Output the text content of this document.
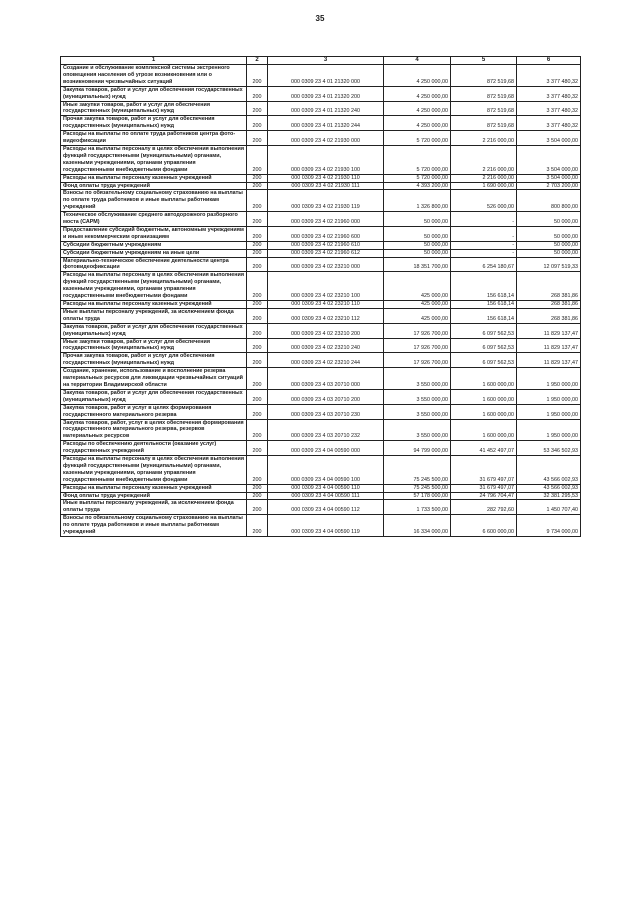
35
1	2	3	4	5	6
Создание и обслуживание комплексной системы экстренного оповещения населения об угрозе возникновения или о возникновении чрезвычайных ситуаций	200	000 0309 23 4 01 21320 000	4 250 000,00	872 519,68	3 377 480,32
Закупка товаров, работ и услуг для обеспечения государственных (муниципальных) нужд	200	000 0309 23 4 01 21320 200	4 250 000,00	872 519,68	3 377 480,32
Иные закупки товаров, работ и услуг для обеспечения государственных (муниципальных) нужд	200	000 0309 23 4 01 21320 240	4 250 000,00	872 519,68	3 377 480,32
Прочая закупка товаров, работ и услуг для обеспечения государственных (муниципальных) нужд	200	000 0309 23 4 01 21320 244	4 250 000,00	872 519,68	3 377 480,32
Расходы на выплаты по оплате труда работников центра фото-видеофиксации	200	000 0309 23 4 02 21930 000	5 720 000,00	2 216 000,00	3 504 000,00
Расходы на выплаты персоналу в целях обеспечения выполнения функций государственными (муниципальными) органами, казенными учреждениями, органами управления государственными внебюджетными фондами	200	000 0309 23 4 02 21930 100	5 720 000,00	2 216 000,00	3 504 000,00
Расходы на выплаты персоналу казенных учреждений	200	000 0309 23 4 02 21930 110	5 720 000,00	2 216 000,00	3 504 000,00
Фонд оплаты труда учреждений	200	000 0309 23 4 02 21930 111	4 393 200,00	1 690 000,00	2 703 200,00
Взносы по обязательному социальному страхованию на выплаты по оплате труда работников и иные выплаты работникам учреждений	200	000 0309 23 4 02 21930 119	1 326 800,00	526 000,00	800 800,00
Техническое обслуживание среднего автодорожного разборного моста (САРМ)	200	000 0309 23 4 02 21960 000	50 000,00	-	50 000,00
Предоставление субсидий бюджетным, автономным учреждениям и иным некоммерческим организациям	200	000 0309 23 4 02 21960 600	50 000,00	-	50 000,00
Субсидии бюджетным учреждениям	200	000 0309 23 4 02 21960 610	50 000,00	-	50 000,00
Субсидии бюджетным учреждениям на иные цели	200	000 0309 23 4 02 21960 612	50 000,00	-	50 000,00
Материально-техническое обеспечение деятельности центра фотовидеофиксации	200	000 0309 23 4 02 23210 000	18 351 700,00	6 254 180,67	12 097 519,33
Расходы на выплаты персоналу в целях обеспечения выполнения функций государственными (муниципальными) органами, казенными учреждениями, органами управления государственными внебюджетными фондами	200	000 0309 23 4 02 23210 100	425 000,00	156 618,14	268 381,86
Расходы на выплаты персоналу казенных учреждений	200	000 0309 23 4 02 23210 110	425 000,00	156 618,14	268 381,86
Иные выплаты персоналу учреждений, за исключением фонда оплаты труда	200	000 0309 23 4 02 23210 112	425 000,00	156 618,14	268 381,86
Закупка товаров, работ и услуг для обеспечения государственных (муниципальных) нужд	200	000 0309 23 4 02 23210 200	17 926 700,00	6 097 562,53	11 829 137,47
Иные закупки товаров, работ и услуг для обеспечения государственных (муниципальных) нужд	200	000 0309 23 4 02 23210 240	17 926 700,00	6 097 562,53	11 829 137,47
Прочая закупка товаров, работ и услуг для обеспечения государственных (муниципальных) нужд	200	000 0309 23 4 02 23210 244	17 926 700,00	6 097 562,53	11 829 137,47
Создание, хранение, использование и восполнение резерва материальных ресурсов для ликвидации чрезвычайных ситуаций на территории Владимирской области	200	000 0309 23 4 03 20710 000	3 550 000,00	1 600 000,00	1 950 000,00
Закупка товаров, работ и услуг для обеспечения государственных (муниципальных) нужд	200	000 0309 23 4 03 20710 200	3 550 000,00	1 600 000,00	1 950 000,00
Закупка товаров, работ и услуг в целях формирования государственного материального резерва	200	000 0309 23 4 03 20710 230	3 550 000,00	1 600 000,00	1 950 000,00
Закупка товаров, работ, услуг в целях обеспечения формирования государственного материального резерва, резервов материальных ресурсов	200	000 0309 23 4 03 20710 232	3 550 000,00	1 600 000,00	1 950 000,00
Расходы по обеспечению деятельности (оказание услуг) государственных учреждений	200	000 0309 23 4 04 00590 000	94 799 000,00	41 452 497,07	53 346 502,93
Расходы на выплаты персоналу в целях обеспечения выполнения функций государственными (муниципальными) органами, казенными учреждениями, органами управления государственными внебюджетными фондами	200	000 0309 23 4 04 00590 100	75 245 500,00	31 679 497,07	43 566 002,93
Расходы на выплаты персоналу казенных учреждений	200	000 0309 23 4 04 00590 110	75 245 500,00	31 679 497,07	43 566 002,93
Фонд оплаты труда учреждений	200	000 0309 23 4 04 00590 111	57 178 000,00	24 796 704,47	32 381 295,53
Иные выплаты персоналу учреждений, за исключением фонда оплаты труда	200	000 0309 23 4 04 00590 112	1 733 500,00	282 792,60	1 450 707,40
Взносы по обязательному социальному страхованию на выплаты по оплате труда работников и иные выплаты работникам учреждений	200	000 0309 23 4 04 00590 119	16 334 000,00	6 600 000,00	9 734 000,00
